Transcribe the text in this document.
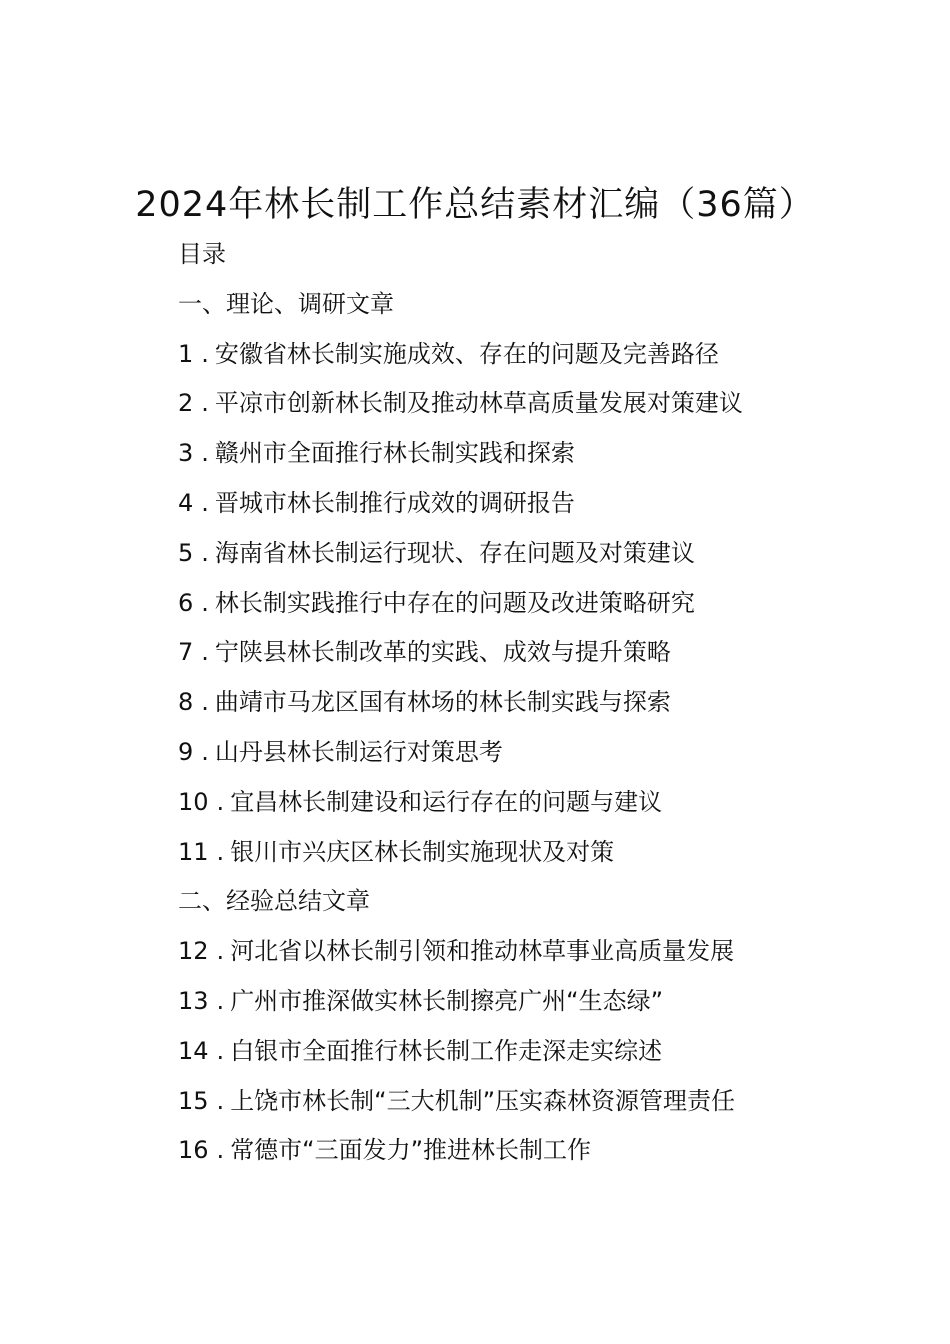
2024年林长制工作总结素材汇编（36篇）
目录
一、理论、调研文章
1 . 安徽省林长制实施成效、存在的问题及完善路径
2 . 平凉市创新林长制及推动林草高质量发展对策建议
3 . 赣州市全面推行林长制实践和探索
4 . 晋城市林长制推行成效的调研报告
5 . 海南省林长制运行现状、存在问题及对策建议
6 . 林长制实践推行中存在的问题及改进策略研究
7 . 宁陕县林长制改革的实践、成效与提升策略
8 . 曲靖市马龙区国有林场的林长制实践与探索
9 . 山丹县林长制运行对策思考
10 . 宜昌林长制建设和运行存在的问题与建议
11 . 银川市兴庆区林长制实施现状及对策
二、经验总结文章
12 . 河北省以林长制引领和推动林草事业高质量发展
13 . 广州市推深做实林长制擦亮广州“生态绿”
14 . 白银市全面推行林长制工作走深走实综述
15 . 上饶市林长制“三大机制”压实森林资源管理责任
16 . 常德市“三面发力”推进林长制工作
